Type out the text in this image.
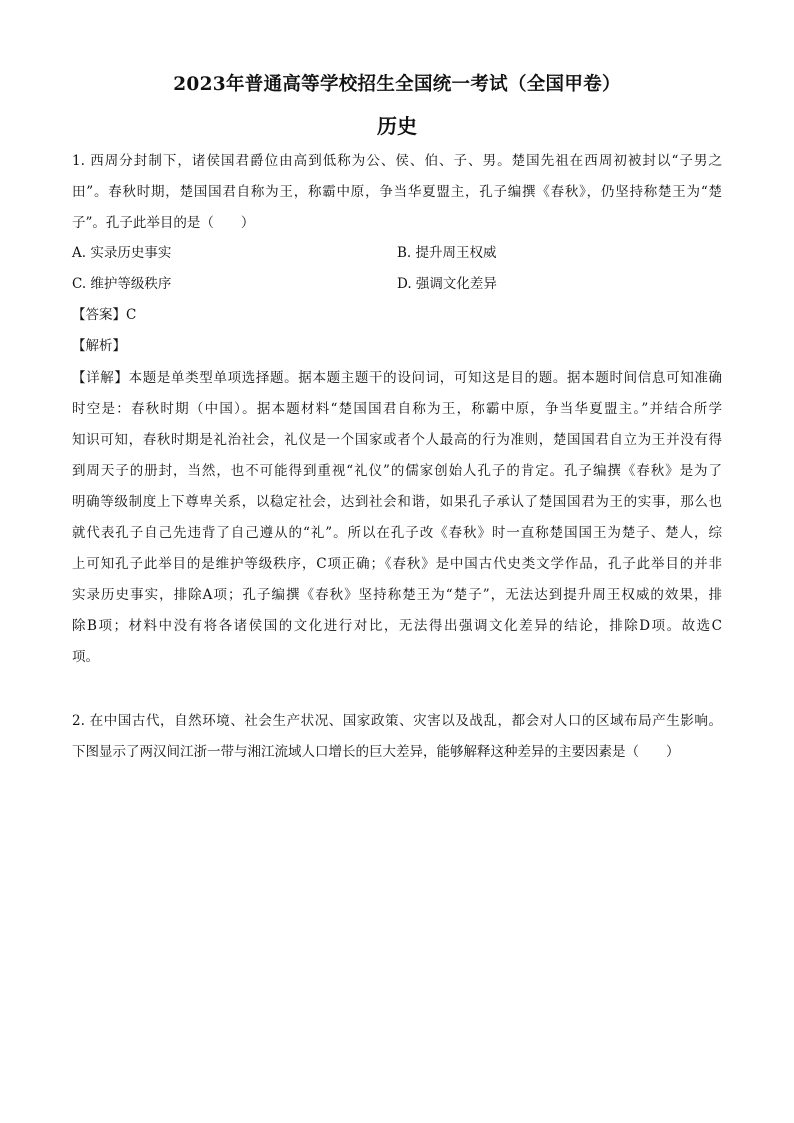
2023年普通高等学校招生全国统一考试（全国甲卷）
历史
1. 西周分封制下，诸侯国君爵位由高到低称为公、侯、伯、子、男。楚国先祖在西周初被封以“子男之
田”。春秋时期，楚国国君自称为王，称霸中原，争当华夏盟主，孔子编撰《春秋》，仍坚持称楚王为“楚
子”。孔子此举目的是（　　）
A. 实录历史事实	B. 提升周王权威
C. 维护等级秩序	D. 强调文化差异
【答案】C
【解析】
【详解】本题是单类型单项选择题。据本题主题干的设问词，可知这是目的题。据本题时间信息可知准确
时空是：春秋时期（中国）。据本题材料“楚国国君自称为王，称霸中原，争当华夏盟主。”并结合所学
知识可知，春秋时期是礼治社会，礼仪是一个国家或者个人最高的行为准则，楚国国君自立为王并没有得
到周天子的册封，当然，也不可能得到重视“礼仪”的儒家创始人孔子的肯定。孔子编撰《春秋》是为了
明确等级制度上下尊卑关系，以稳定社会，达到社会和谐，如果孔子承认了楚国国君为王的实事，那么也
就代表孔子自己先违背了自己遵从的“礼”。所以在孔子改《春秋》时一直称楚国国王为楚子、楚人，综
上可知孔子此举目的是维护等级秩序，C项正确；《春秋》是中国古代史类文学作品，孔子此举目的并非
实录历史事实，排除A项；孔子编撰《春秋》坚持称楚王为“楚子”，无法达到提升周王权威的效果，排
除B项；材料中没有将各诸侯国的文化进行对比，无法得出强调文化差异的结论，排除D项。故选C
项。
2. 在中国古代，自然环境、社会生产状况、国家政策、灾害以及战乱，都会对人口的区域布局产生影响。
下图显示了两汉间江浙一带与湘江流域人口增长的巨大差异，能够解释这种差异的主要因素是（　　）
